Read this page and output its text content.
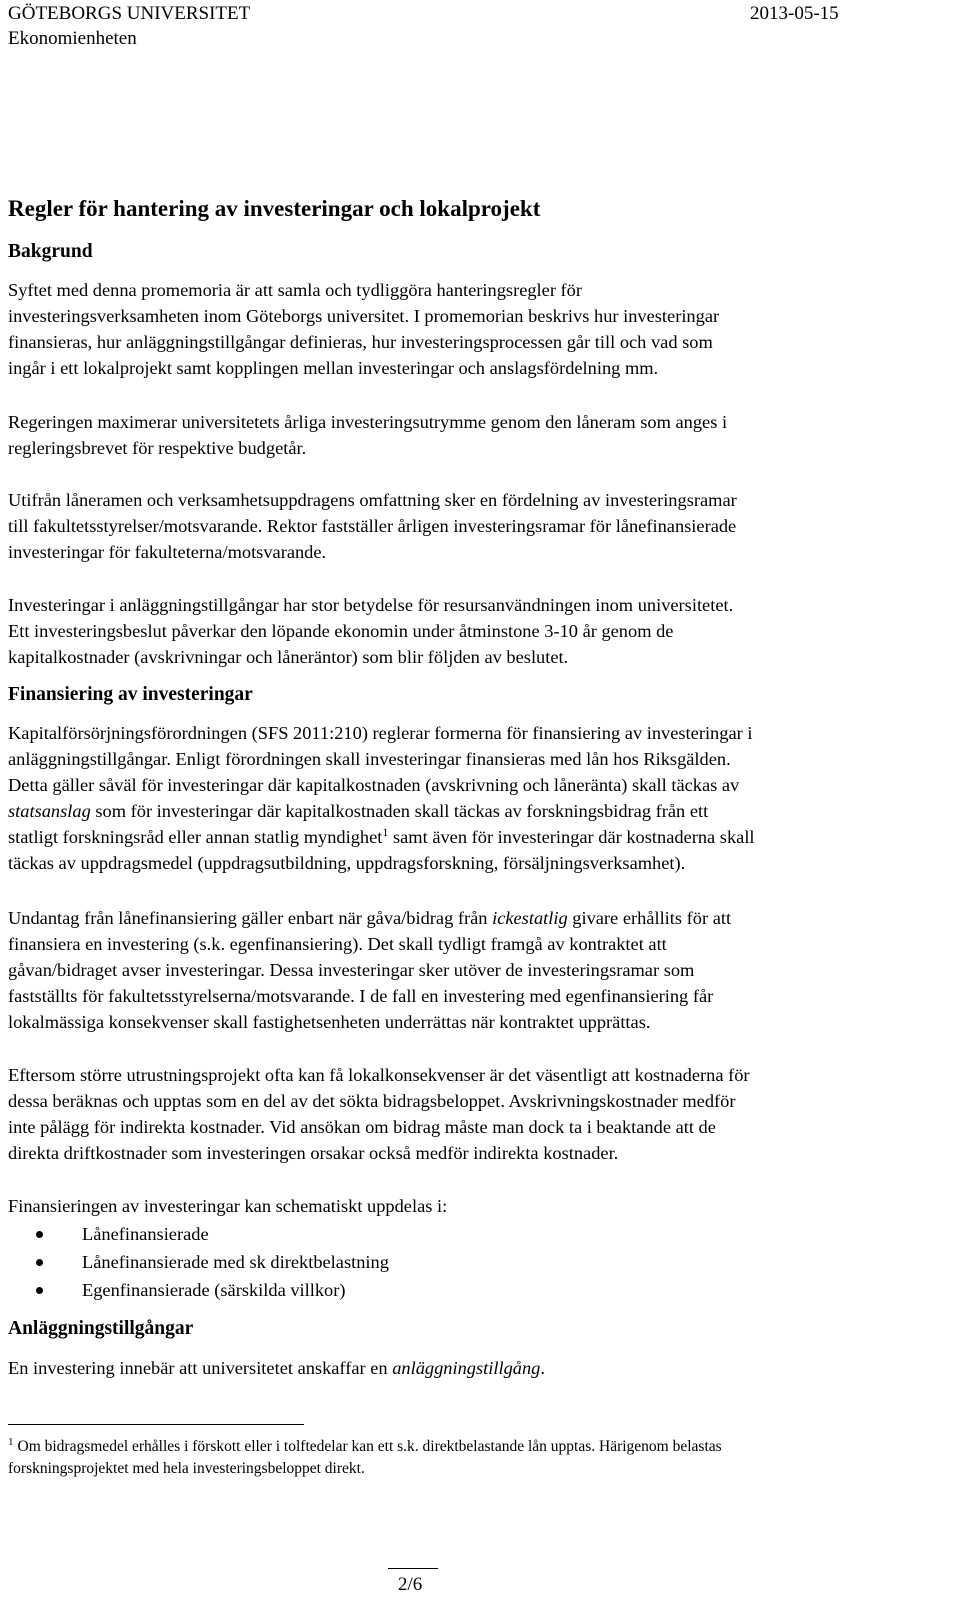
GÖTEBORGS UNIVERSITET
Ekonomienheten
2013-05-15
Regler för hantering av investeringar och lokalprojekt
Bakgrund

Syftet med denna promemoria är att samla och tydliggöra hanteringsregler för
investeringsverksamheten inom Göteborgs universitet. I promemorian beskrivs hur investeringar
finansieras, hur anläggningstillgångar definieras, hur investeringsprocessen går till och vad som
ingår i ett lokalprojekt samt kopplingen mellan investeringar och anslagsfördelning mm.

Regeringen maximerar universitetets årliga investeringsutrymme genom den låneram som anges i
regleringsbrevet för respektive budgetår.

Utifrån låneramen och verksamhetsuppdragens omfattning sker en fördelning av investeringsramar
till fakultetsstyrelser/motsvarande. Rektor fastställer årligen investeringsramar för lånefinansierade
investeringar för fakulteterna/motsvarande.

Investeringar i anläggningstillgångar har stor betydelse för resursanvändningen inom universitetet.
Ett investeringsbeslut påverkar den löpande ekonomin under åtminstone 3-10 år genom de
kapitalkostnader (avskrivningar och låneräntor) som blir följden av beslutet.

Finansiering av investeringar

Kapitalförsörjningsförordningen (SFS 2011:210) reglerar formerna för finansiering av investeringar i
anläggningstillgångar. Enligt förordningen skall investeringar finansieras med lån hos Riksgälden.
Detta gäller såväl för investeringar där kapitalkostnaden (avskrivning och låneränta) skall täckas av
statsanslag som för investeringar där kapitalkostnaden skall täckas av forskningsbidrag från ett
statligt forskningsråd eller annan statlig myndighet$^1$ samt även för investeringar där kostnaderna skall
täckas av uppdragsmedel (uppdragsutbildning, uppdragsforskning, försäljningsverksamhet).

Undantag från lånefinansiering gäller enbart när gåva/bidrag från ickestatlig givare erhållits för att
finansiera en investering (s.k. egenfinansiering). Det skall tydligt framgå av kontraktet att
gåvan/bidraget avser investeringar. Dessa investeringar sker utöver de investeringsramar som
fastställts för fakultetsstyrelserna/motsvarande. I de fall en investering med egenfinansiering får
lokalmässiga konsekvenser skall fastighetsenheten underrättas när kontraktet upprättas.

Eftersom större utrustningsprojekt ofta kan få lokalkonsekvenser är det väsentligt att kostnaderna för
dessa beräknas och upptas som en del av det sökta bidragsbeloppet. Avskrivningskostnader medför
inte pålägg för indirekta kostnader. Vid ansökan om bidrag måste man dock ta i beaktande att de
direkta driftkostnader som investeringen orsakar också medför indirekta kostnader.

Finansieringen av investeringar kan schematiskt uppdelas i:

Lånefinansierade
Lånefinansierade med sk direktbelastning
Egenfinansierade (särskilda villkor)
Anläggningstillgångar

En investering innebär att universitetet anskaffar en anläggningstillgång.

$^1$ Om bidragsmedel erhålles i förskott eller i tolftedelar kan ett s.k. direktbelastande lån upptas. Härigenom belastas
forskningsprojektet med hela investeringsbeloppet direkt.

2/6
